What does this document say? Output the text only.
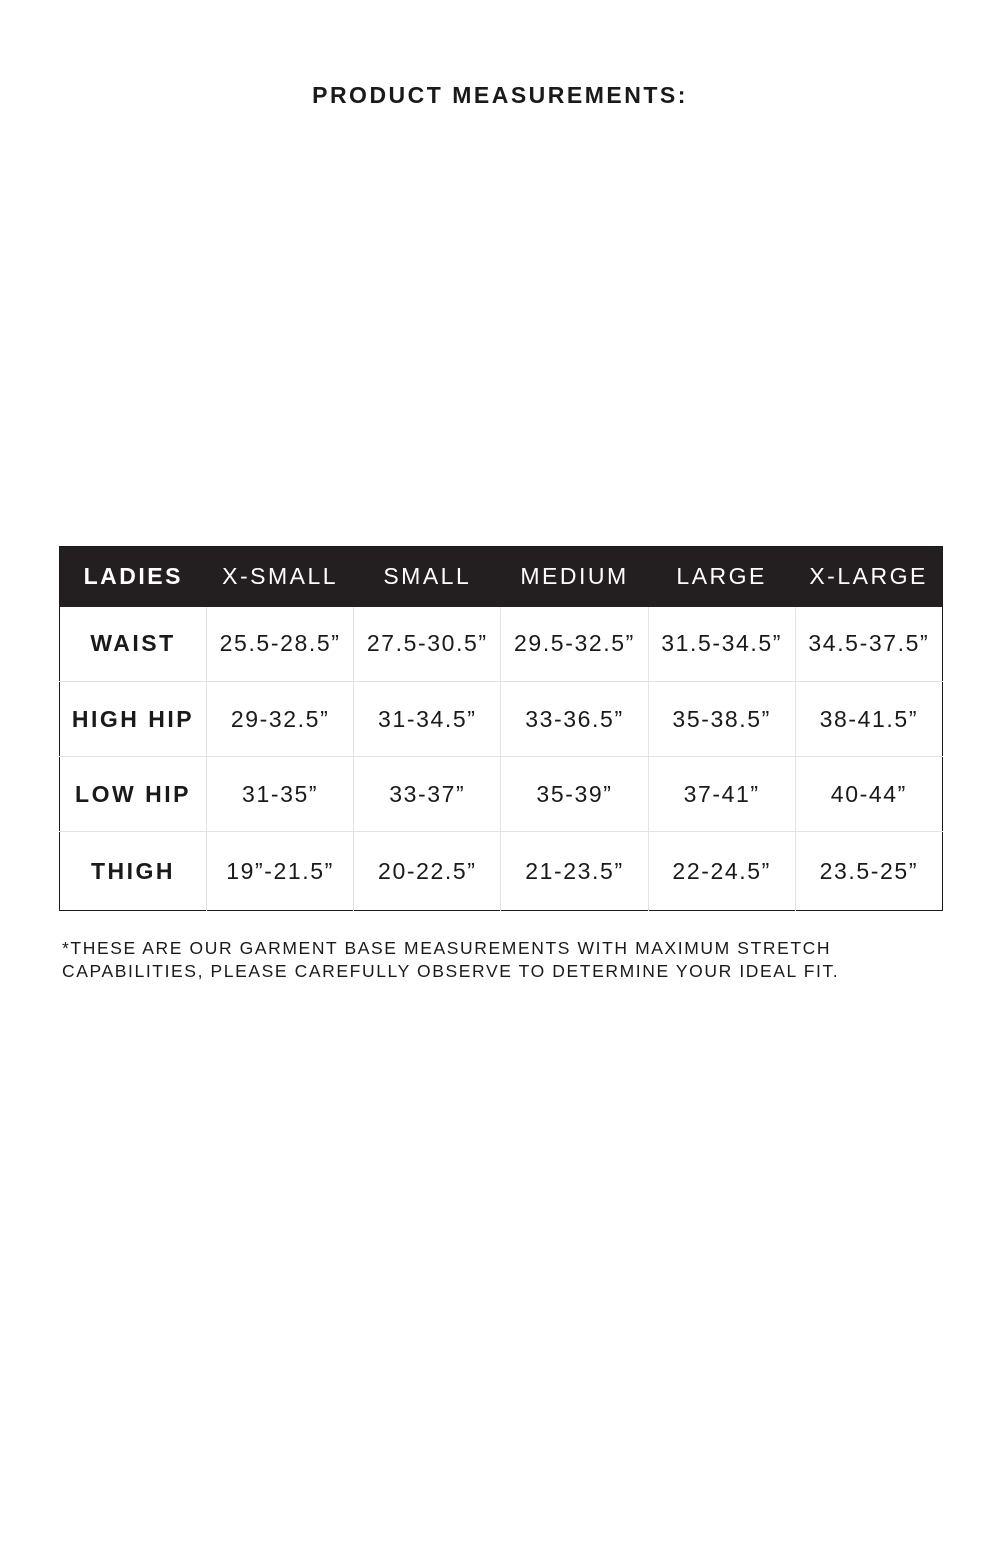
PRODUCT MEASUREMENTS:
LADIES	X-SMALL	SMALL	MEDIUM	LARGE	X-LARGE
WAIST	25.5-28.5”	27.5-30.5”	29.5-32.5”	31.5-34.5”	34.5-37.5”
HIGH HIP	29-32.5”	31-34.5”	33-36.5”	35-38.5”	38-41.5”
LOW HIP	31-35”	33-37”	35-39”	37-41”	40-44”
THIGH	19”-21.5”	20-22.5”	21-23.5”	22-24.5”	23.5-25”

*THESE ARE OUR GARMENT BASE MEASUREMENTS WITH MAXIMUM STRETCH
CAPABILITIES, PLEASE CAREFULLY OBSERVE TO DETERMINE YOUR IDEAL FIT.
